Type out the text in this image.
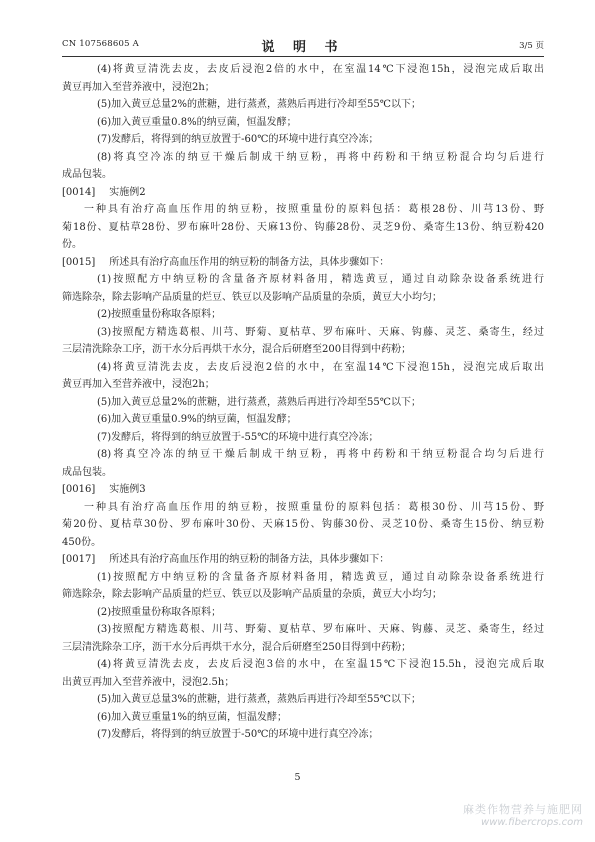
CN 107568605 A	说 明 书	3/5 页
(4)将黄豆清洗去皮，去皮后浸泡2倍的水中，在室温14℃下浸泡15h，浸泡完成后取出
黄豆再加入至营养液中，浸泡2h；
(5)加入黄豆总量2%的蔗糖，进行蒸煮，蒸熟后再进行冷却至55℃以下；
(6)加入黄豆重量0.8%的纳豆菌，恒温发酵；
(7)发酵后，将得到的纳豆放置于-60℃的环境中进行真空冷冻；
(8)将真空冷冻的纳豆干燥后制成干纳豆粉，再将中药粉和干纳豆粉混合均匀后进行
成品包装。
[0014] 实施例2
一种具有治疗高血压作用的纳豆粉，按照重量份的原料包括：葛根28份、川芎13份、野
菊18份、夏枯草28份、罗布麻叶28份、天麻13份、钩藤28份、灵芝9份、桑寄生13份、纳豆粉420
份。
[0015] 所述具有治疗高血压作用的纳豆粉的制备方法，具体步骤如下：
(1)按照配方中纳豆粉的含量备齐原材料备用，精选黄豆，通过自动除杂设备系统进行
筛选除杂，除去影响产品质量的烂豆、铁豆以及影响产品质量的杂质，黄豆大小均匀；
(2)按照重量份称取各原料；
(3)按照配方精选葛根、川芎、野菊、夏枯草、罗布麻叶、天麻、钩藤、灵芝、桑寄生，经过
三层清洗除杂工序，沥干水分后再烘干水分，混合后研磨至200目得到中药粉；
(4)将黄豆清洗去皮，去皮后浸泡2倍的水中，在室温14℃下浸泡15h，浸泡完成后取出
黄豆再加入至营养液中，浸泡2h；
(5)加入黄豆总量2%的蔗糖，进行蒸煮，蒸熟后再进行冷却至55℃以下；
(6)加入黄豆重量0.9%的纳豆菌，恒温发酵；
(7)发酵后，将得到的纳豆放置于-55℃的环境中进行真空冷冻；
(8)将真空冷冻的纳豆干燥后制成干纳豆粉，再将中药粉和干纳豆粉混合均匀后进行
成品包装。
[0016] 实施例3
一种具有治疗高血压作用的纳豆粉，按照重量份的原料包括：葛根30份、川芎15份、野
菊20份、夏枯草30份、罗布麻叶30份、天麻15份、钩藤30份、灵芝10份、桑寄生15份、纳豆粉
450份。
[0017] 所述具有治疗高血压作用的纳豆粉的制备方法，具体步骤如下：
(1)按照配方中纳豆粉的含量备齐原材料备用，精选黄豆，通过自动除杂设备系统进行
筛选除杂，除去影响产品质量的烂豆、铁豆以及影响产品质量的杂质，黄豆大小均匀；
(2)按照重量份称取各原料；
(3)按照配方精选葛根、川芎、野菊、夏枯草、罗布麻叶、天麻、钩藤、灵芝、桑寄生，经过
三层清洗除杂工序，沥干水分后再烘干水分，混合后研磨至250目得到中药粉；
(4)将黄豆清洗去皮，去皮后浸泡3倍的水中，在室温15℃下浸泡15.5h，浸泡完成后取
出黄豆再加入至营养液中，浸泡2.5h；
(5)加入黄豆总量3%的蔗糖，进行蒸煮，蒸熟后再进行冷却至55℃以下；
(6)加入黄豆重量1%的纳豆菌，恒温发酵；
(7)发酵后，将得到的纳豆放置于-50℃的环境中进行真空冷冻；
5
麻类作物营养与施肥网
www.fibercrops.com
